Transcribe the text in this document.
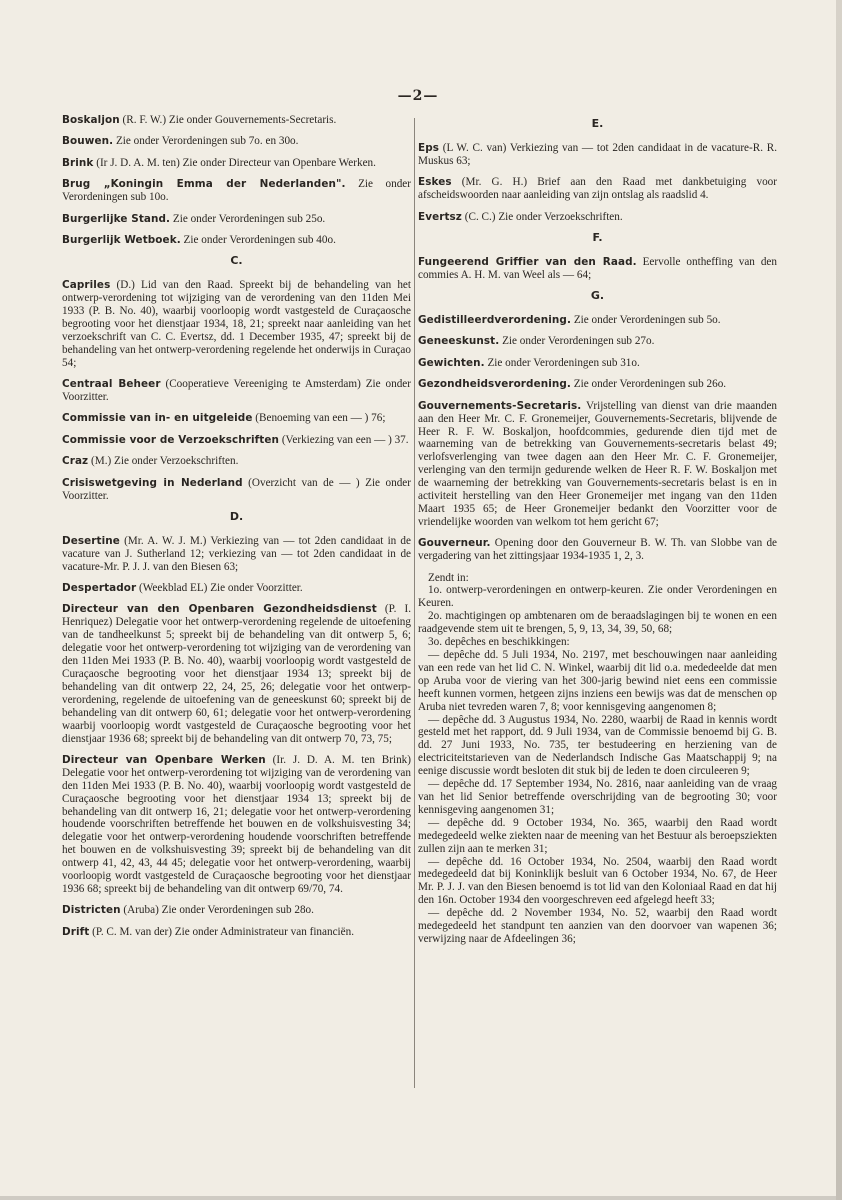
—2—
Boskaljon (R. F. W.) Zie onder Gouvernements-Secretaris.
Bouwen. Zie onder Verordeningen sub 7o. en 30o.
Brink (Ir J. D. A. M. ten) Zie onder Directeur van Openbare Werken.
Brug „Koningin Emma der Nederlanden". Zie onder Verordeningen sub 10o.
Burgerlijke Stand. Zie onder Verordeningen sub 25o.
Burgerlijk Wetboek. Zie onder Verordeningen sub 40o.
C.
Capriles (D.) Lid van den Raad. Spreekt bij de behandeling van het ontwerp-verordening tot wijziging van de verordening van den 11den Mei 1933 (P. B. No. 40), waarbij voorloopig wordt vastgesteld de Curaçaosche begrooting voor het dienstjaar 1934, 18, 21; spreekt naar aanleiding van het verzoekschrift van C. C. Evertsz, dd. 1 December 1935, 47; spreekt bij de behandeling van het ontwerp-verordening regelende het onderwijs in Curaçao 54;
Centraal Beheer (Cooperatieve Vereeniging te Amsterdam) Zie onder Voorzitter.
Commissie van in- en uitgeleide (Benoeming van een — ) 76;
Commissie voor de Verzoekschriften (Verkiezing van een — ) 37.
Craz (M.) Zie onder Verzoekschriften.
Crisiswetgeving in Nederland (Overzicht van de — ) Zie onder Voorzitter.
D.
Desertine (Mr. A. W. J. M.) Verkiezing van — tot 2den candidaat in de vacature van J. Sutherland 12; verkiezing van — tot 2den candidaat in de vacature-Mr. P. J. J. van den Biesen 63;
Despertador (Weekblad EL) Zie onder Voorzitter.
Directeur van den Openbaren Gezondheidsdienst (P. I. Henriquez) Delegatie voor het ontwerp-verordening regelende de uitoefening van de tandheelkunst 5; spreekt bij de behandeling van dit ontwerp 5, 6; delegatie voor het ontwerp-verordening tot wijziging van de verordening van den 11den Mei 1933 (P. B. No. 40), waarbij voorloopig wordt vastgesteld de Curaçaosche begrooting voor het dienstjaar 1934 13; spreekt bij de behandeling van dit ontwerp 22, 24, 25, 26; delegatie voor het ontwerp-verordening, regelende de uitoefening van de geneeskunst 60; spreekt bij de behandeling van dit ontwerp 60, 61; delegatie voor het ontwerp-verordening waarbij voorloopig wordt vastgesteld de Curaçaosche begrooting voor het dienstjaar 1936 68; spreekt bij de behandeling van dit ontwerp 70, 73, 75;
Directeur van Openbare Werken (Ir. J. D. A. M. ten Brink) Delegatie voor het ontwerp-verordening tot wijziging van de verordening van den 11den Mei 1933 (P. B. No. 40), waarbij voorloopig wordt vastgesteld de Curaçaosche begrooting voor het dienstjaar 1934 13; spreekt bij de behandeling van dit ontwerp 16, 21; delegatie voor het ontwerp-verordening houdende voorschriften betreffende het bouwen en de volkshuisvesting 34; delegatie voor het ontwerp-verordening houdende voorschriften betreffende het bouwen en de volkshuisvesting 39; spreekt bij de behandeling van dit ontwerp 41, 42, 43, 44 45; delegatie voor het ontwerp-verordening, waarbij voorloopig wordt vastgesteld de Curaçaosche begrooting voor het dienstjaar 1936 68; spreekt bij de behandeling van dit ontwerp 69/70, 74.
Districten (Aruba) Zie onder Verordeningen sub 28o.
Drift (P. C. M. van der) Zie onder Administrateur van financiën.
E.
Eps (L W. C. van) Verkiezing van — tot 2den candidaat in de vacature-R. R. Muskus 63;
Eskes (Mr. G. H.) Brief aan den Raad met dankbetuiging voor afscheidswoorden naar aanleiding van zijn ontslag als raadslid 4.
Evertsz (C. C.) Zie onder Verzoekschriften.
F.
Fungeerend Griffier van den Raad. Eervolle ontheffing van den commies A. H. M. van Weel als — 64;
G.
Gedistilleerdverordening. Zie onder Verordeningen sub 5o.
Geneeskunst. Zie onder Verordeningen sub 27o.
Gewichten. Zie onder Verordeningen sub 31o.
Gezondheidsverordening. Zie onder Verordeningen sub 26o.
Gouvernements-Secretaris. Vrijstelling van dienst van drie maanden aan den Heer Mr. C. F. Gronemeijer, Gouvernements-Secretaris, blijvende de Heer R. F. W. Boskaljon, hoofdcommies, gedurende dien tijd met de waarneming van de betrekking van Gouvernements-secretaris belast 49; verlofsverlenging van twee dagen aan den Heer Mr. C. F. Gronemeijer, verlenging van den termijn gedurende welken de Heer R. F. W. Boskaljon met de waarneming der betrekking van Gouvernements-secretaris belast is en in activiteit herstelling van den Heer Gronemeijer met ingang van den 11den Maart 1935 65; de Heer Gronemeijer bedankt den Voorzitter voor de vriendelijke woorden van welkom tot hem gericht 67;
Gouverneur. Opening door den Gouverneur B. W. Th. van Slobbe van de vergadering van het zittingsjaar 1934-1935 1, 2, 3.

Zendt in:

1o. ontwerp-verordeningen en ontwerp-keuren. Zie onder Verordeningen en Keuren.

2o. machtigingen op ambtenaren om de beraadslagingen bij te wonen en een raadgevende stem uit te brengen, 5, 9, 13, 34, 39, 50, 68;

3o. depêches en beschikkingen:

— depêche dd. 5 Juli 1934, No. 2197, met beschouwingen naar aanleiding van een rede van het lid C. N. Winkel, waarbij dit lid o.a. mededeelde dat men op Aruba voor de viering van het 300-jarig bewind niet eens een commissie heeft kunnen vormen, hetgeen zijns inziens een bewijs was dat de menschen op Aruba niet tevreden waren 7, 8; voor kennisgeving aangenomen 8;

— depêche dd. 3 Augustus 1934, No. 2280, waarbij de Raad in kennis wordt gesteld met het rapport, dd. 9 Juli 1934, van de Commissie benoemd bij G. B. dd. 27 Juni 1933, No. 735, ter bestudeering en herziening van de electriciteitstarieven van de Nederlandsch Indische Gas Maatschappij 9; na eenige discussie wordt besloten dit stuk bij de leden te doen circuleeren 9;

— depêche dd. 17 September 1934, No. 2816, naar aanleiding van de vraag van het lid Senior betreffende overschrijding van de begrooting 30; voor kennisgeving aangenomen 31;

— depêche dd. 9 October 1934, No. 365, waarbij den Raad wordt medegedeeld welke ziekten naar de meening van het Bestuur als beroepsziekten zullen zijn aan te merken 31;

— depêche dd. 16 October 1934, No. 2504, waarbij den Raad wordt medegedeeld dat bij Koninklijk besluit van 6 October 1934, No. 67, de Heer Mr. P. J. J. van den Biesen benoemd is tot lid van den Koloniaal Raad en dat hij den 16n. October 1934 den voorgeschreven eed afgelegd heeft 33;

— depêche dd. 2 November 1934, No. 52, waarbij den Raad wordt medegedeeld het standpunt ten aanzien van den doorvoer van wapenen 36; verwijzing naar de Afdeelingen 36;
